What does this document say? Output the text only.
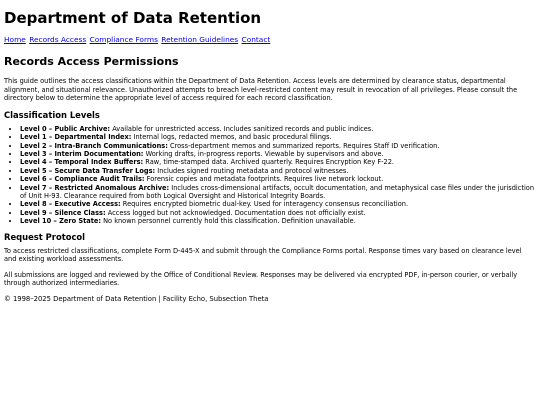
Department of Data Retention
Home Records Access Compliance Forms Retention Guidelines Contact
Records Access Permissions

This guide outlines the access classifications within the Department of Data Retention. Access levels are determined by clearance status, departmental alignment, and situational relevance. Unauthorized attempts to breach level-restricted content may result in revocation of all privileges. Please consult the directory below to determine the appropriate level of access required for each record classification.

Classification Levels
• Level 0 – Public Archive: Available for unrestricted access. Includes sanitized records and public indices.
• Level 1 – Departmental Index: Internal logs, redacted memos, and basic procedural filings.
• Level 2 – Intra-Branch Communications: Cross-department memos and summarized reports. Requires Staff ID verification.
• Level 3 – Interim Documentation: Working drafts, in-progress reports. Viewable by supervisors and above.
• Level 4 – Temporal Index Buffers: Raw, time-stamped data. Archived quarterly. Requires Encryption Key F-22.
• Level 5 – Secure Data Transfer Logs: Includes signed routing metadata and protocol witnesses.
• Level 6 – Compliance Audit Trails: Forensic copies and metadata footprints. Requires live network lockout.
• Level 7 – Restricted Anomalous Archive: Includes cross-dimensional artifacts, occult documentation, and metaphysical case files under the jurisdiction of Unit H-93. Clearance required from both Logical Oversight and Historical Integrity Boards.
• Level 8 – Executive Access: Requires encrypted biometric dual-key. Used for interagency consensus reconciliation.
• Level 9 – Silence Class: Access logged but not acknowledged. Documentation does not officially exist.
• Level 10 – Zero State: No known personnel currently hold this classification. Definition unavailable.
Request Protocol

To access restricted classifications, complete Form D-445-X and submit through the Compliance Forms portal. Response times vary based on clearance level and existing workload assessments.

All submissions are logged and reviewed by the Office of Conditional Review. Responses may be delivered via encrypted PDF, in-person courier, or verbally through authorized intermediaries.

© 1998–2025 Department of Data Retention | Facility Echo, Subsection Theta
